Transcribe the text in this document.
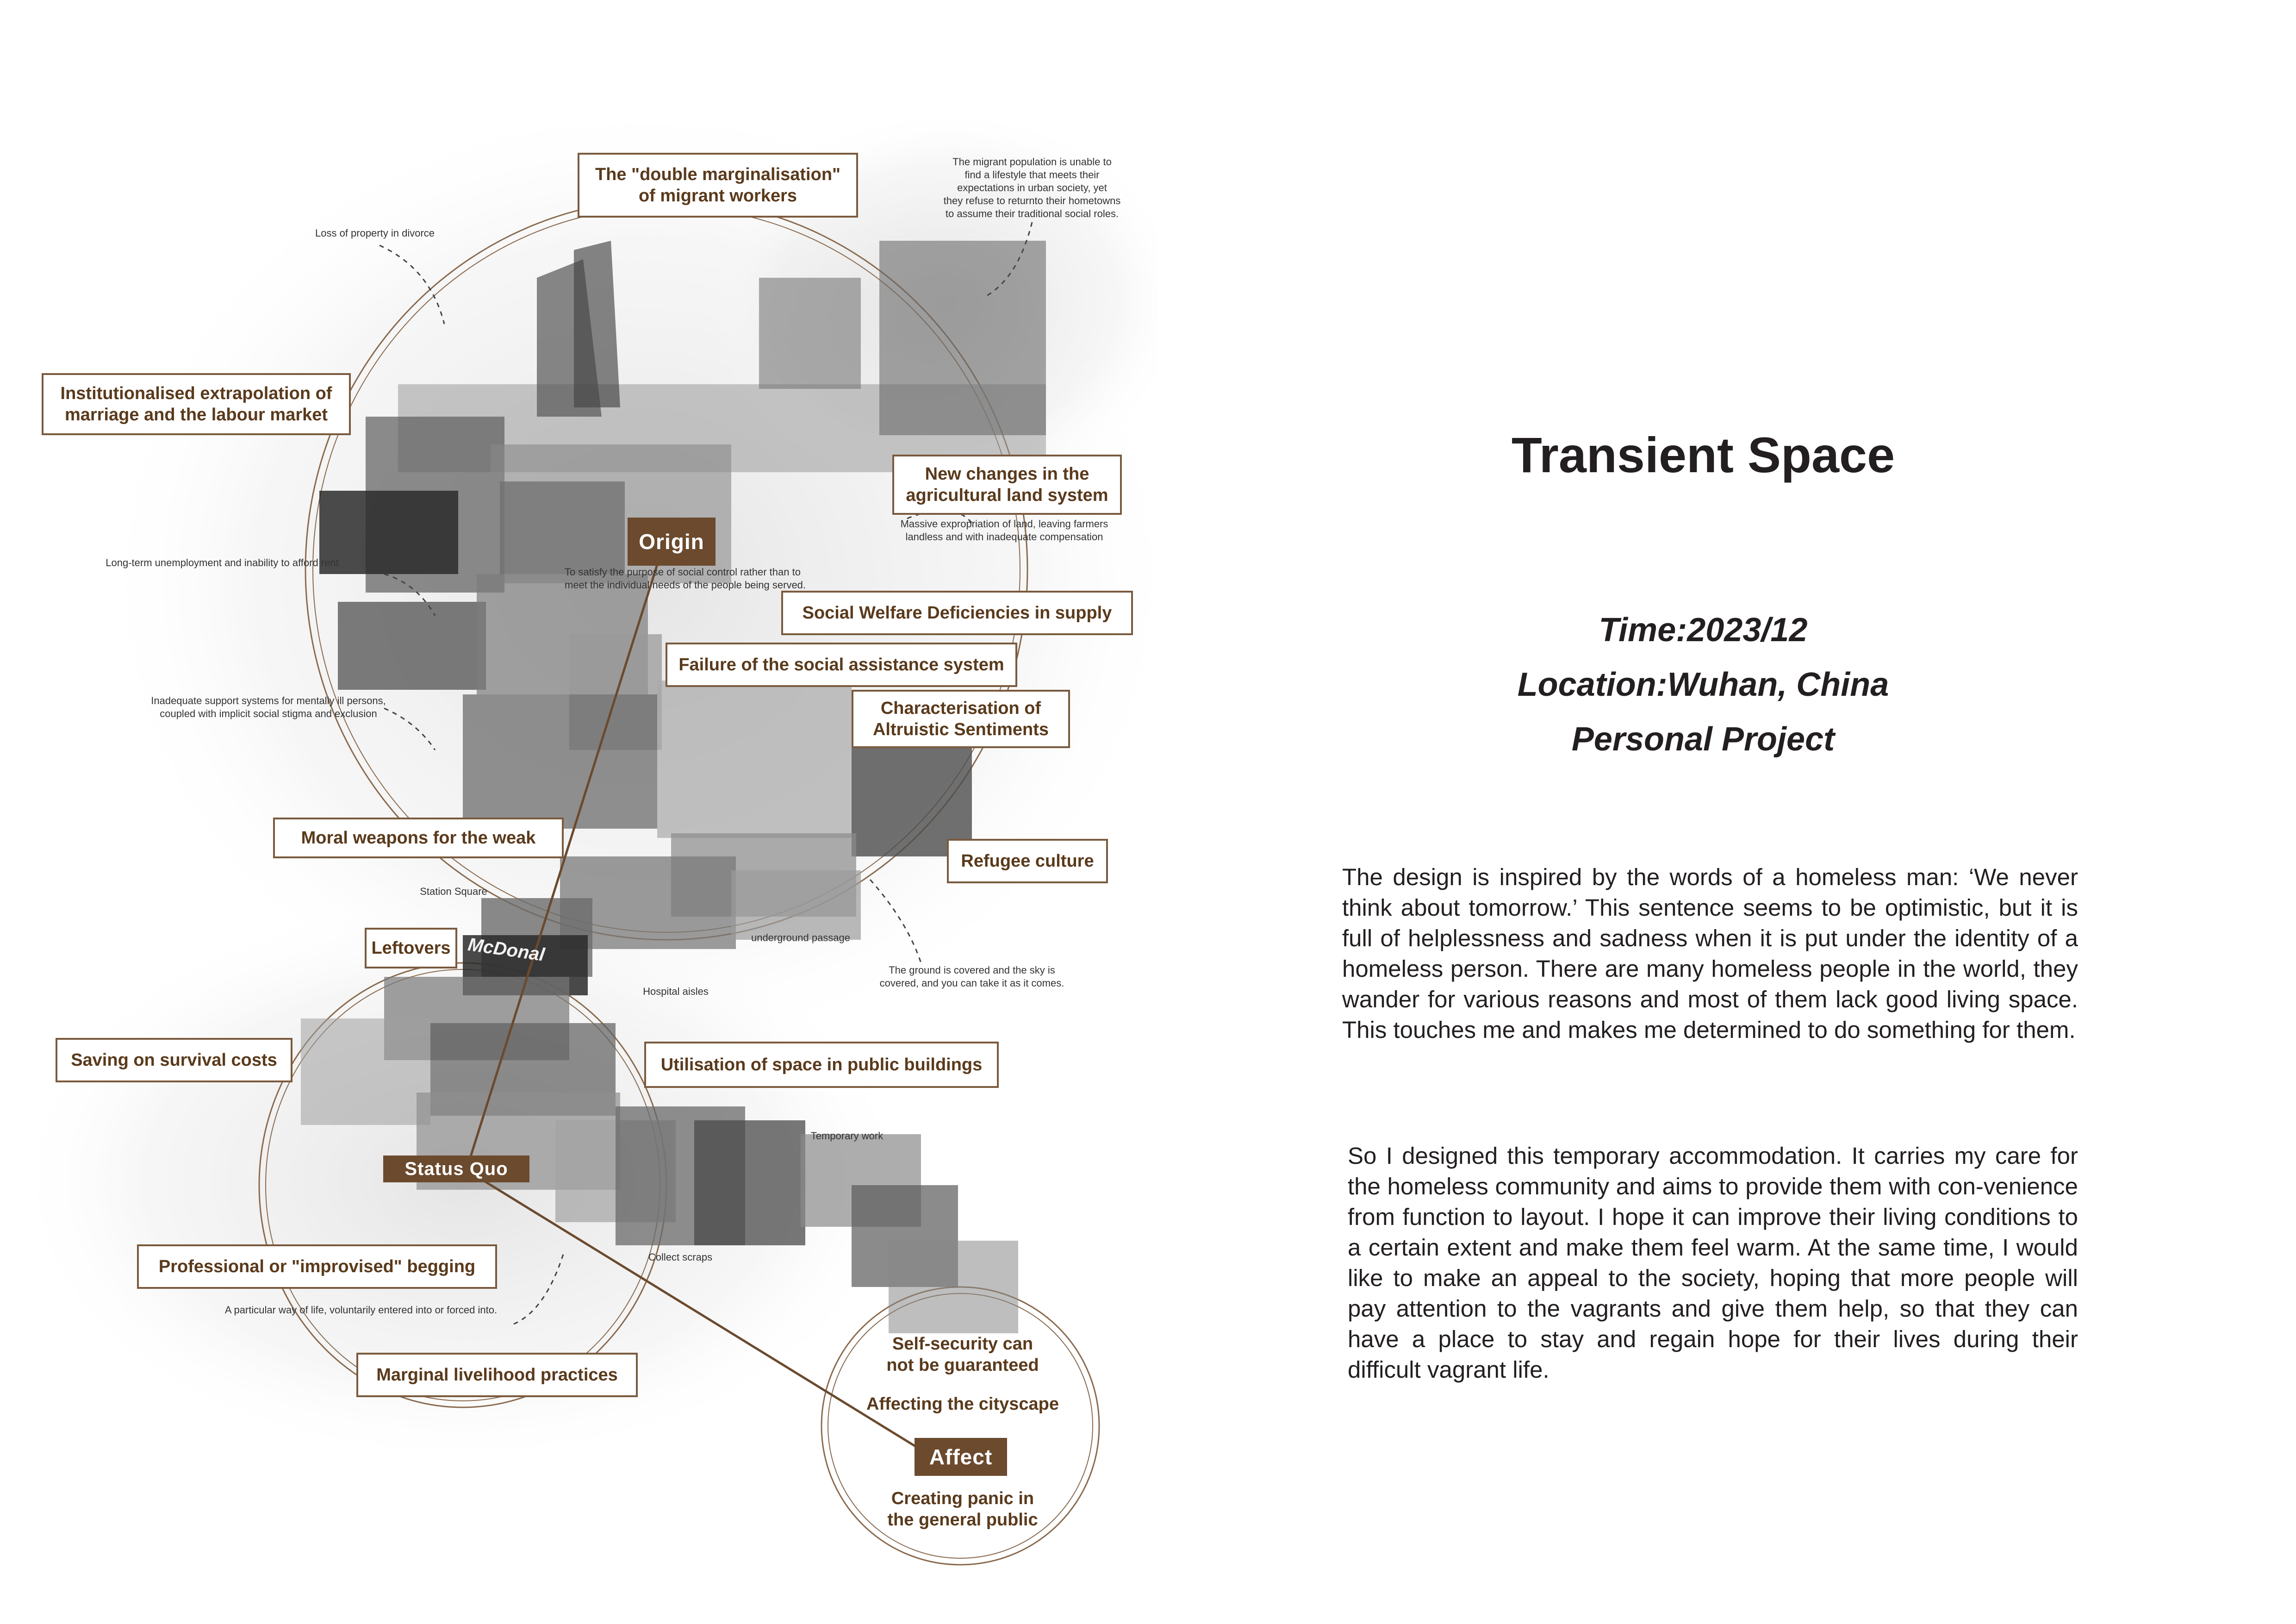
The "double marginalisation"
of migrant workers
Institutionalised extrapolation of
marriage and the labour market
New changes in the
agricultural land system
Social Welfare Deficiencies in supply
Failure of the social assistance system
Characterisation of
Altruistic Sentiments
Moral weapons for the weak
Refugee culture
Leftovers
Saving on survival costs	Utilisation of space in public buildings
Professional or "improvised" begging
Marginal livelihood practices
Origin
Status Quo
Affect
Self-security can
not be guaranteed
Affecting the cityscape
Creating panic in
the general public
Loss of property in divorce
The migrant population is unable to
find a lifestyle that meets their
expectations in urban society, yet
they refuse to returnto their hometowns
to assume their traditional social roles.
Massive expropriation of land, leaving farmers
landless and with inadequate compensation
Long-term unemployment and inability to afford rent
To satisfy the purpose of social control rather than to
meet the individual needs of the people being served.
Inadequate support systems for mentally ill persons,
coupled with implicit social stigma and exclusion
Station Square
underground passage
Hospital aisles
The ground is covered and the sky is
covered, and you can take it as it comes.
Temporary work
Collect scraps
A particular way of life, voluntarily entered into or forced into.
McDonal
Transient Space
Time:2023/12
Location:Wuhan, China
Personal Project
The design is inspired by the words of a homeless man: ‘We never think about tomorrow.’ This sentence seems to be optimistic, but it is full of helplessness and sadness when it is put under the identity of a homeless person. There are many homeless people in the world, they wander for various reasons and most of them lack good living space. This touches me and makes me determined to do something for them.
So I designed this temporary accommodation. It carries my care for the homeless community and aims to provide them with con-venience from function to layout. I hope it can improve their living conditions to a certain extent and make them feel warm. At the same time, I would like to make an appeal to the society, hoping that more people will pay attention to the vagrants and give them help, so that they can have a place to stay and regain hope for their lives during their difficult vagrant life.
